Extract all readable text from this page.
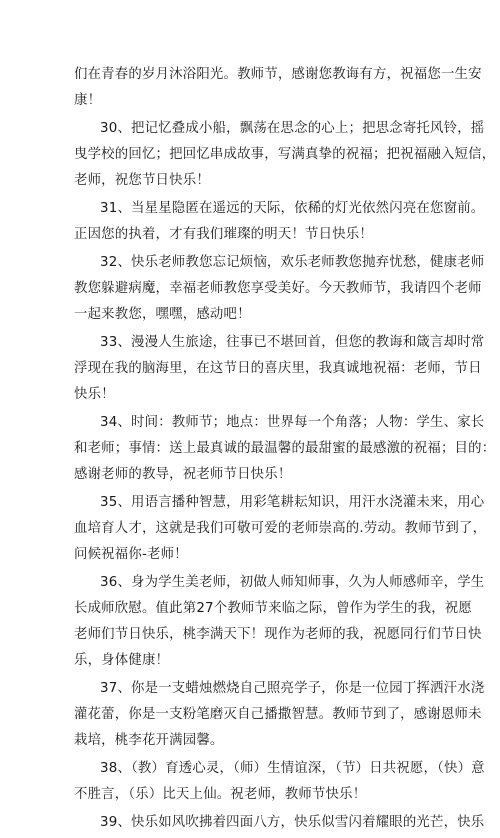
们在青春的岁月沐浴阳光。教师节，感谢您教诲有方，祝福您一生安
康！

30、把记忆叠成小船，飘荡在思念的心上；把思念寄托风铃，摇
曳学校的回忆；把回忆串成故事，写满真挚的祝福；把祝福融入短信，
老师，祝您节日快乐！

31、当星星隐匿在遥远的天际，依稀的灯光依然闪亮在您窗前。
正因您的执着，才有我们璀璨的明天！节日快乐！

32、快乐老师教您忘记烦恼，欢乐老师教您抛弃忧愁，健康老师
教您躲避病魔，幸福老师教您享受美好。今天教师节，我请四个老师
一起来教您，嘿嘿，感动吧！

33、漫漫人生旅途，往事已不堪回首，但您的教诲和箴言却时常
浮现在我的脑海里，在这节日的喜庆里，我真诚地祝福：老师，节日
快乐！

34、时间：教师节；地点：世界每一个角落；人物：学生、家长
和老师；事情：送上最真诚的最温馨的最甜蜜的最感激的祝福；目的：
感谢老师的教导，祝老师节日快乐！

35、用语言播种智慧，用彩笔耕耘知识，用汗水浇灌未来，用心
血培育人才，这就是我们可敬可爱的老师崇高的.劳动。教师节到了，
问候祝福你-老师！

36、身为学生美老师，初做人师知师事，久为人师感师辛，学生
长成师欣慰。值此第27个教师节来临之际，曾作为学生的我，祝愿
老师们节日快乐，桃李满天下！现作为老师的我，祝愿同行们节日快
乐，身体健康！

37、你是一支蜡烛燃烧自己照亮学子，你是一位园丁挥洒汗水浇
灌花蕾，你是一支粉笔磨灭自己播撒智慧。教师节到了，感谢恩师未
栽培，桃李花开满园馨。

38、（教）育透心灵，（师）生情谊深，（节）日共祝愿，（快）意
不胜言，（乐）比天上仙。祝老师，教师节快乐！

39、快乐如风吹拂着四面八方，快乐似雪闪着耀眼的光芒，快乐
